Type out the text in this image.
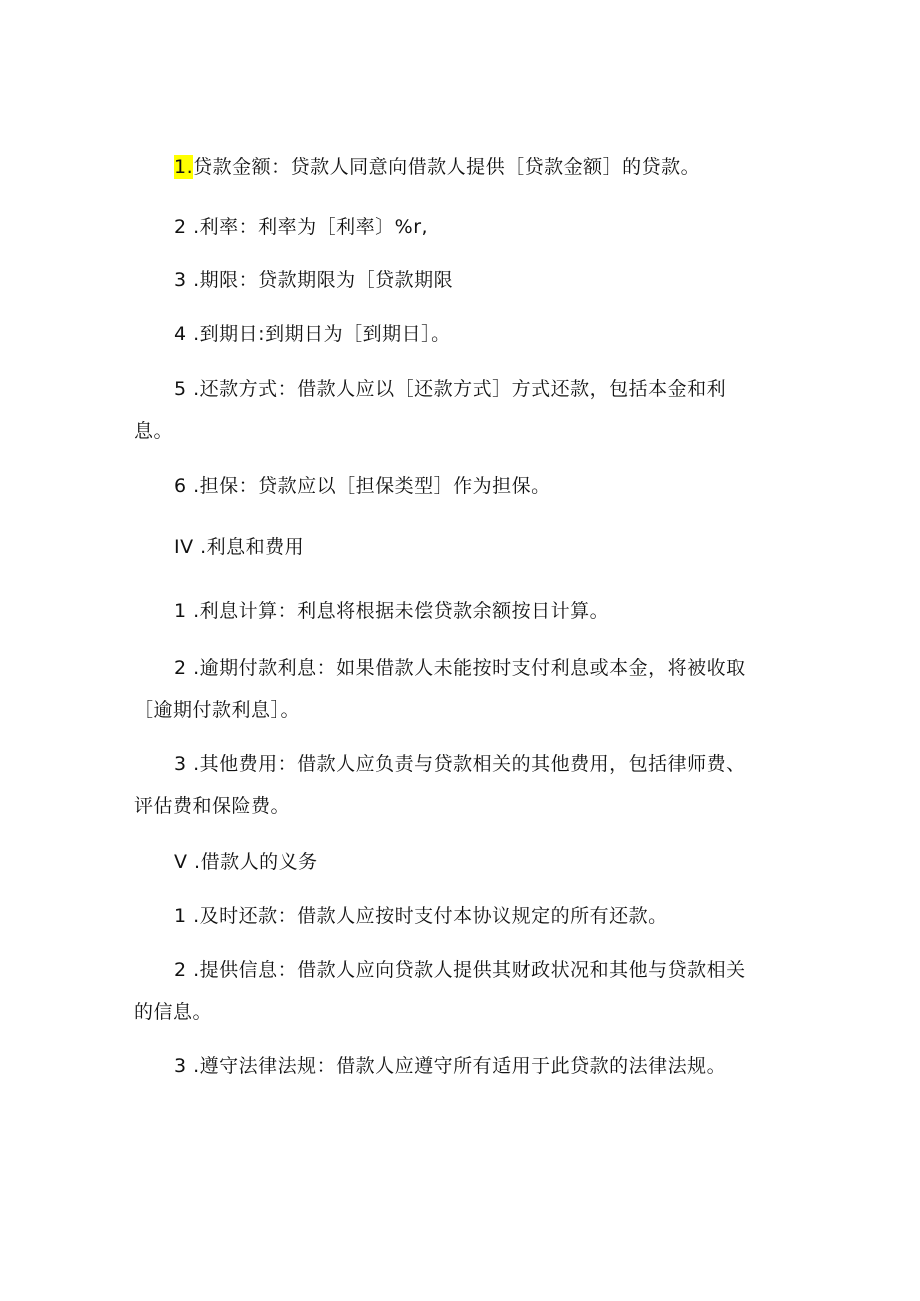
1.贷款金额：贷款人同意向借款人提供［贷款金额］的贷款。
2 .利率：利率为［利率〕%r,
3 .期限：贷款期限为［贷款期限
4 .到期日:到期日为［到期日］。
5 .还款方式：借款人应以［还款方式］方式还款，包括本金和利
息。
6 .担保：贷款应以［担保类型］作为担保。
IV .利息和费用
1 .利息计算：利息将根据未偿贷款余额按日计算。
2 .逾期付款利息：如果借款人未能按时支付利息或本金，将被收取
［逾期付款利息］。
3 .其他费用：借款人应负责与贷款相关的其他费用，包括律师费、
评估费和保险费。
V .借款人的义务
1 .及时还款：借款人应按时支付本协议规定的所有还款。
2 .提供信息：借款人应向贷款人提供其财政状况和其他与贷款相关
的信息。
3 .遵守法律法规：借款人应遵守所有适用于此贷款的法律法规。
